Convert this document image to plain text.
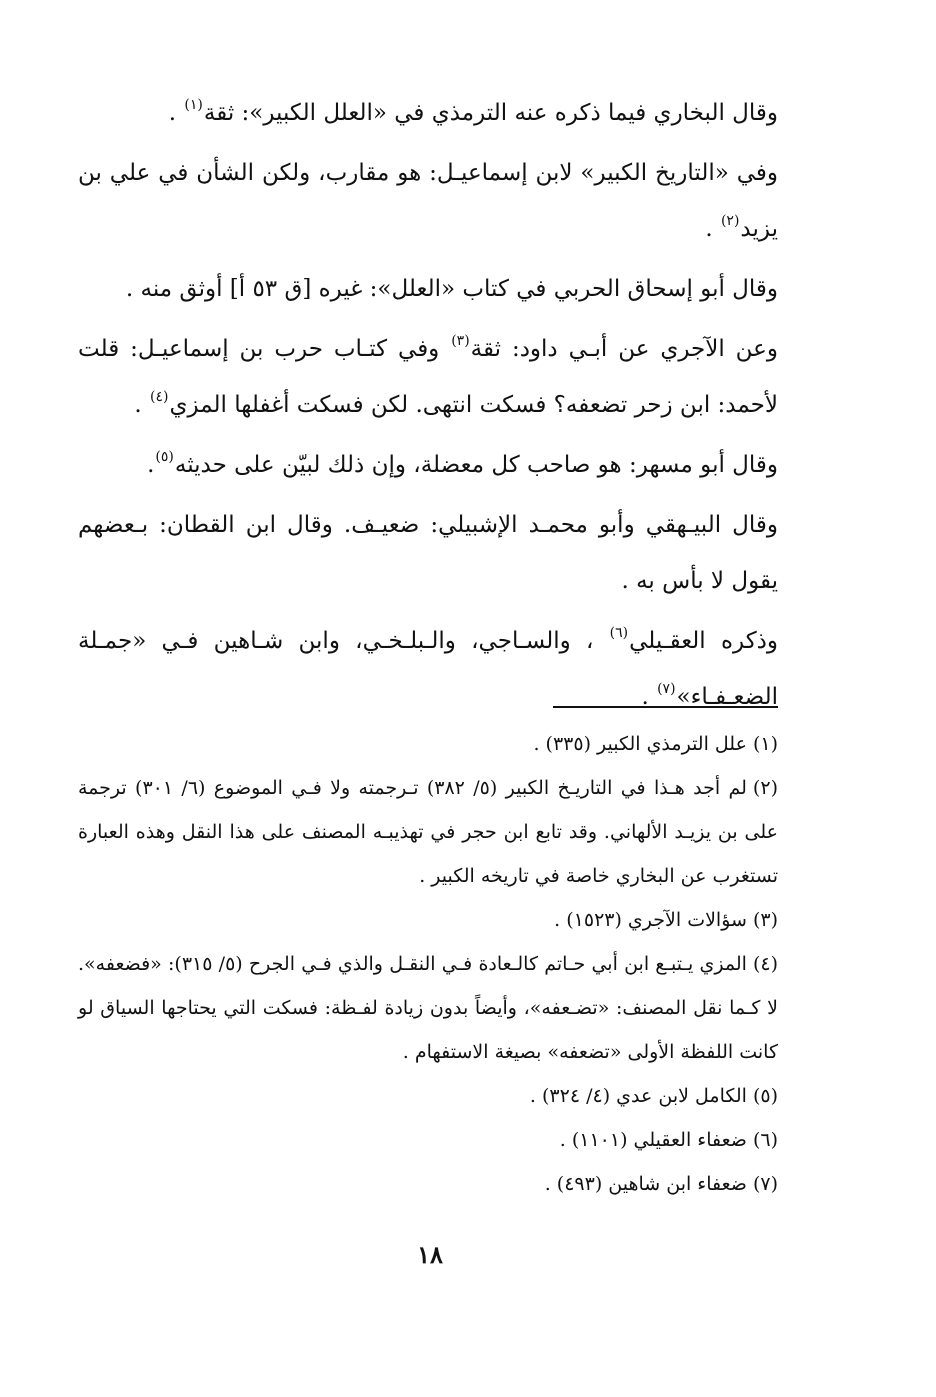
وقال البخاري فيما ذكره عنه الترمذي في «العلل الكبير»: ثقة$^{(١)}$ .

وفي «التاريخ الكبير» لابن إسماعيـل: هو مقارب، ولكن الشأن في علي بن يزيد$^{(٢)}$ .

وقال أبو إسحاق الحربي في كتاب «العلل»: غيره [ق ٥٣ أ] أوثق منه .

وعن الآجري عن أبـي داود: ثقة$^{(٣)}$ وفي كتـاب حرب بن إسماعيـل: قلت لأحمد: ابن زحر تضعفه؟ فسكت انتهى. لكن فسكت أغفلها المزي$^{(٤)}$ .

وقال أبو مسهر: هو صاحب كل معضلة، وإن ذلك لبيّن على حديثه$^{(٥)}$.

وقال البيـهقي وأبو محمـد الإشبيلي: ضعيـف. وقال ابن القطان: بـعضهم يقول لا بأس به .

وذكره العقـيلي$^{(٦)}$ ، والسـاجي، والـبلـخـي، وابن شـاهين فـي «جمـلة الضعـفـاء»$^{(٧)}$ .

(١)علل الترمذي الكبير (٣٣٥) .

(٢)لم أجد هـذا في التاريـخ الكبير (٥/ ٣٨٢) تـرجمته ولا فـي الموضوع (٦/ ٣٠١) ترجمة على بن يزيـد الألهاني. وقد تابع ابن حجر في تهذيبـه المصنف على هذا النقل وهذه العبارة تستغرب عن البخاري خاصة في تاريخه الكبير .

(٣)سؤالات الآجري (١٥٢٣) .

(٤)المزي يـتبـع ابن أبي حـاتم كالـعادة فـي النقـل والذي فـي الجرح (٥/ ٣١٥): «فضعفه». لا كـما نقل المصنف: «تضـعفه»، وأيضاً بدون زيادة لفـظة: فسكت التي يحتاجها السياق لو كانت اللفظة الأولى «تضعفه» بصيغة الاستفهام .

(٥)الكامل لابن عدي (٤/ ٣٢٤) .

(٦)ضعفاء العقيلي (١١٠١) .

(٧)ضعفاء ابن شاهين (٤٩٣) .

١٨
